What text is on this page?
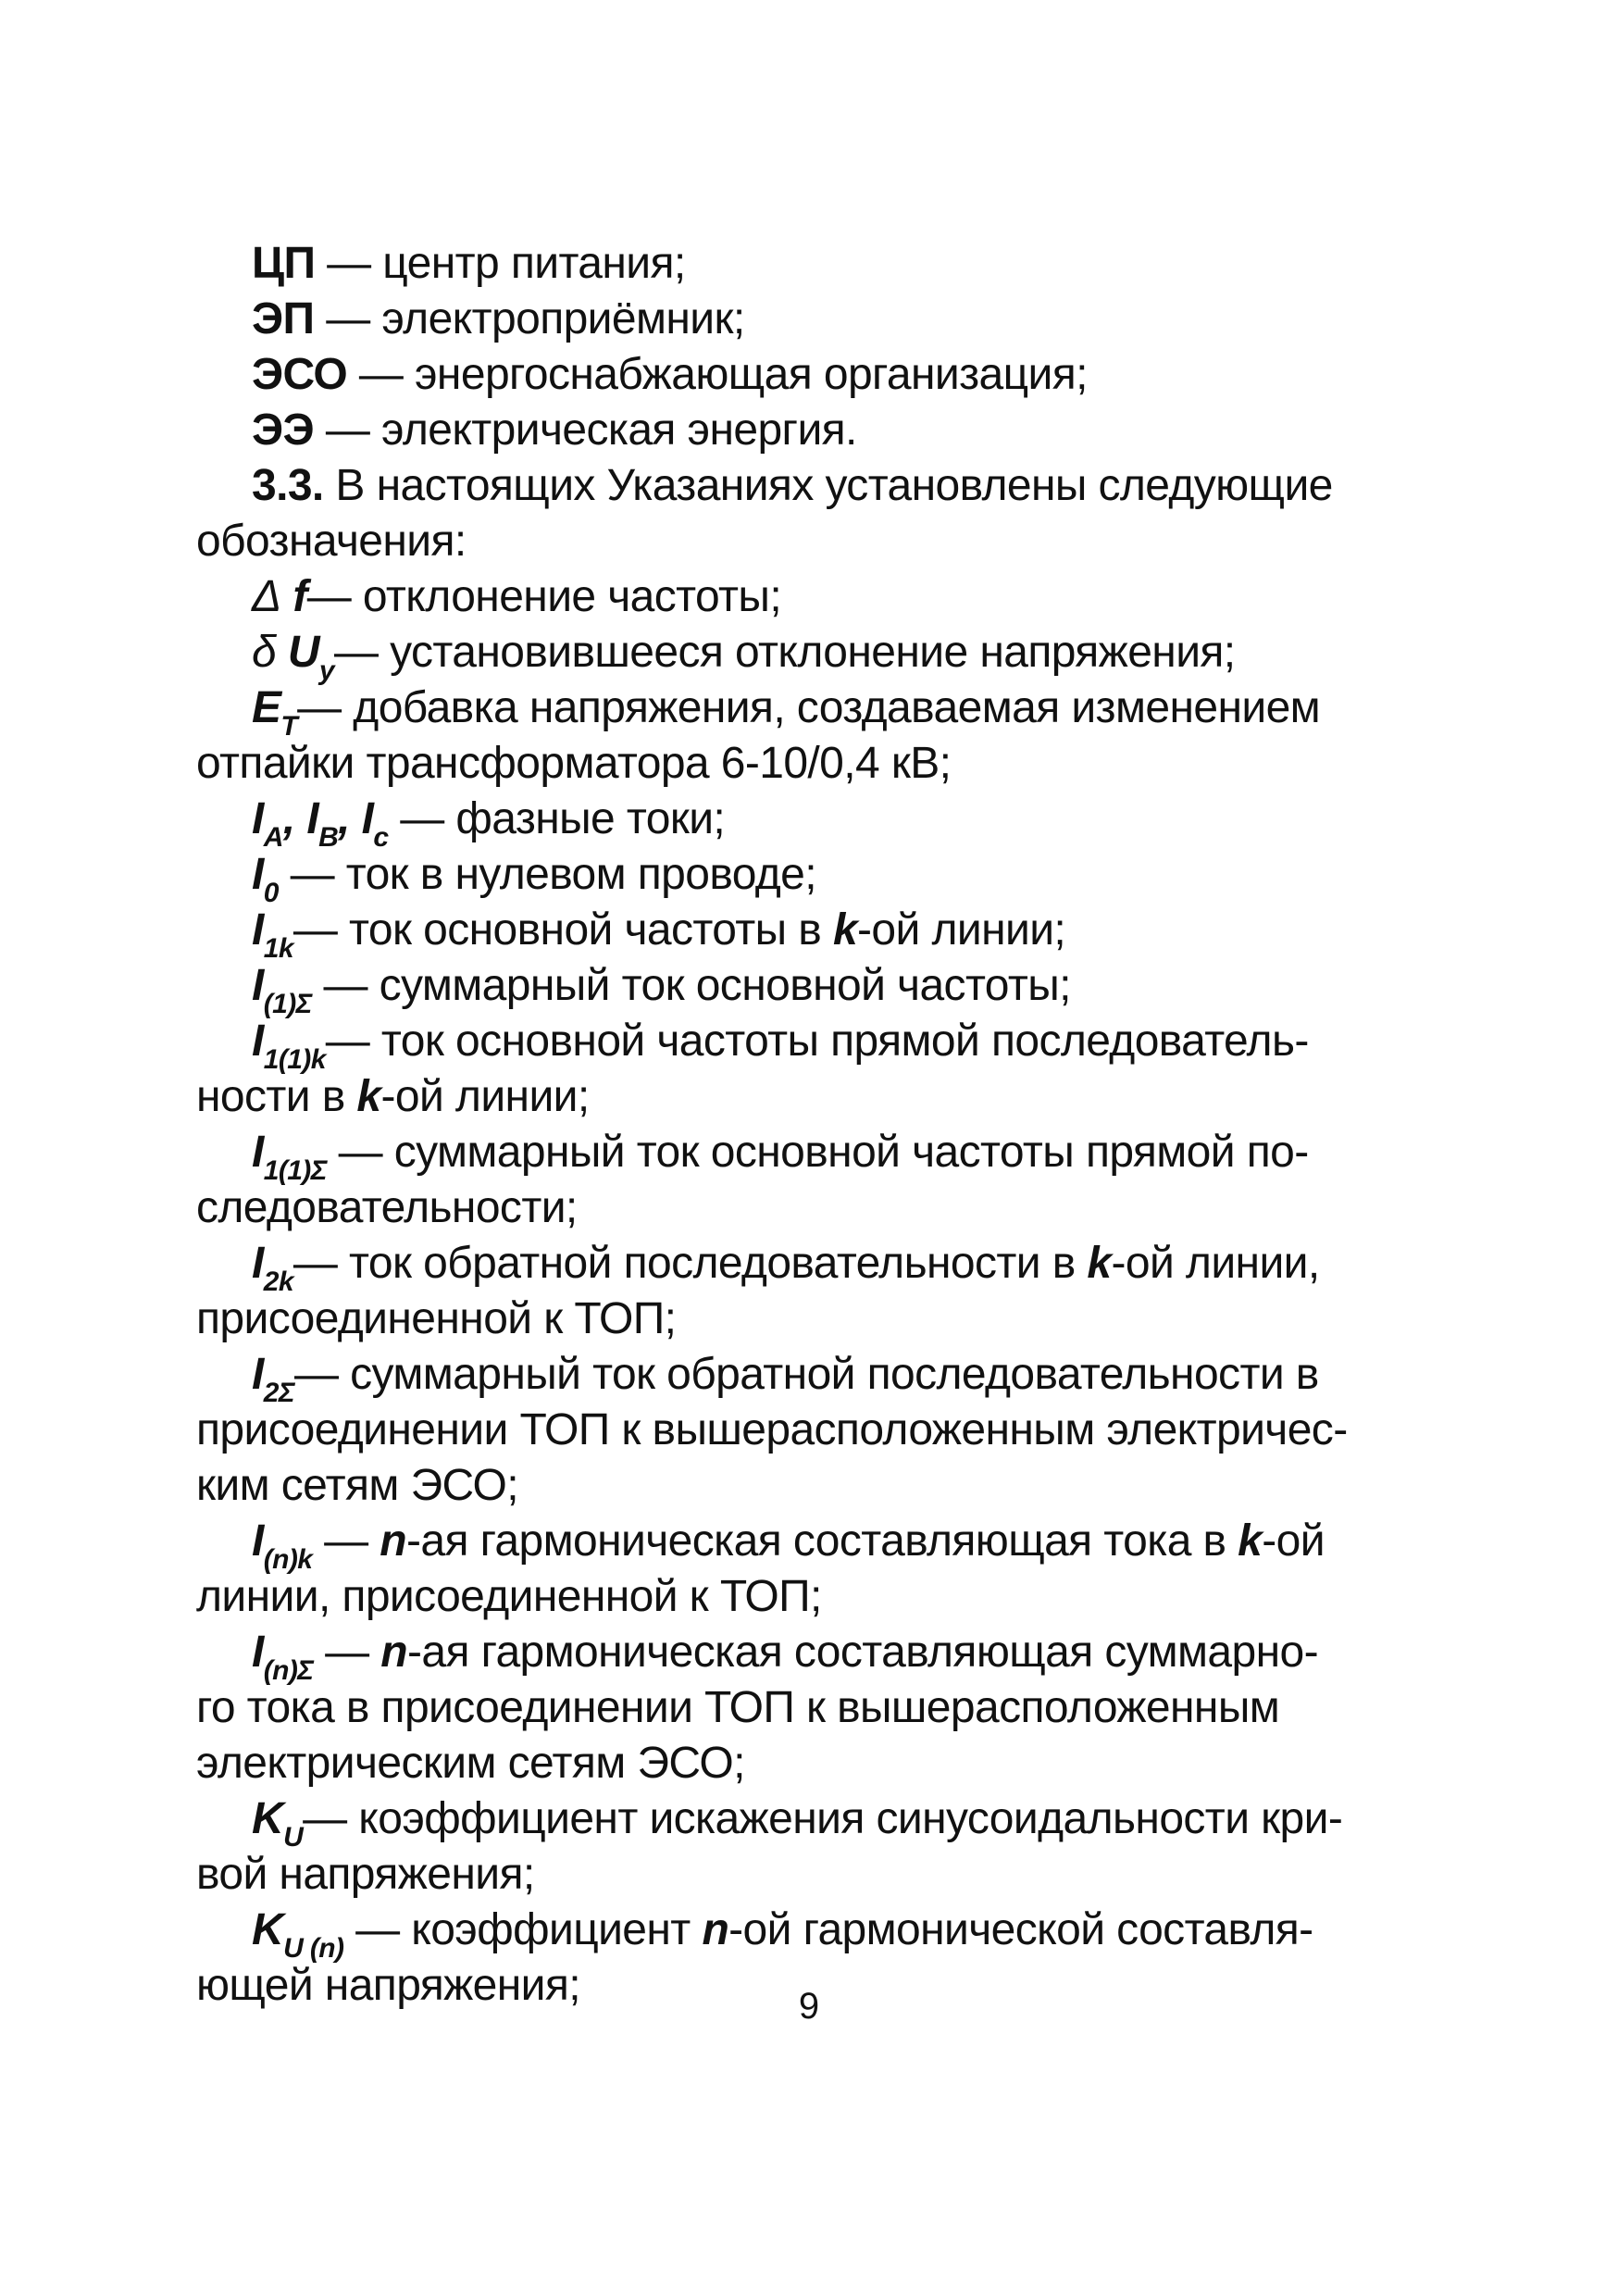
ЦП — центр питания;
ЭП — электроприёмник;
ЭСО — энергоснабжающая организация;
ЭЭ — электрическая энергия.
3.3. В настоящих Указаниях установлены следующие
обозначения:
Δ f— отклонение частоты;
δ $U_y—$ установившееся отклонение напряжения;
$E_T—$ добавка напряжения, создаваемая изменением
отпайки трансформатора 6-10/0,4 кВ;
$I_A$, $I_B$, $I_c$ — фазные токи;
$I_0$ — ток в нулевом проводе;
$I_{1k}—$ ток основной частоты в k-ой линии;
$I_{(1)\Sigma}$ — суммарный ток основной частоты;
$I_{1(1)k}—$ ток основной частоты прямой последователь-
ности в k-ой линии;
$I_{1(1)\Sigma}$ — суммарный ток основной частоты прямой по-
следовательности;
$I_{2k}—$ ток обратной последовательности в k-ой линии,
присоединенной к ТОП;
$I_{2\Sigma}—$ суммарный ток обратной последовательности в
присоединении ТОП к вышерасположенным электричес-
ким сетям ЭСО;
$I_{(n)k}$ — n-ая гармоническая составляющая тока в k-ой
линии, присоединенной к ТОП;
$I_{(n)\Sigma}$ — n-ая гармоническая составляющая суммарно-
го тока в присоединении ТОП к вышерасположенным
электрическим сетям ЭСО;
$K_U—$ коэффициент искажения синусоидальности кри-
вой напряжения;
$K_{U (n)}$ — коэффициент n-ой гармонической составля-
ющей напряжения;	9
